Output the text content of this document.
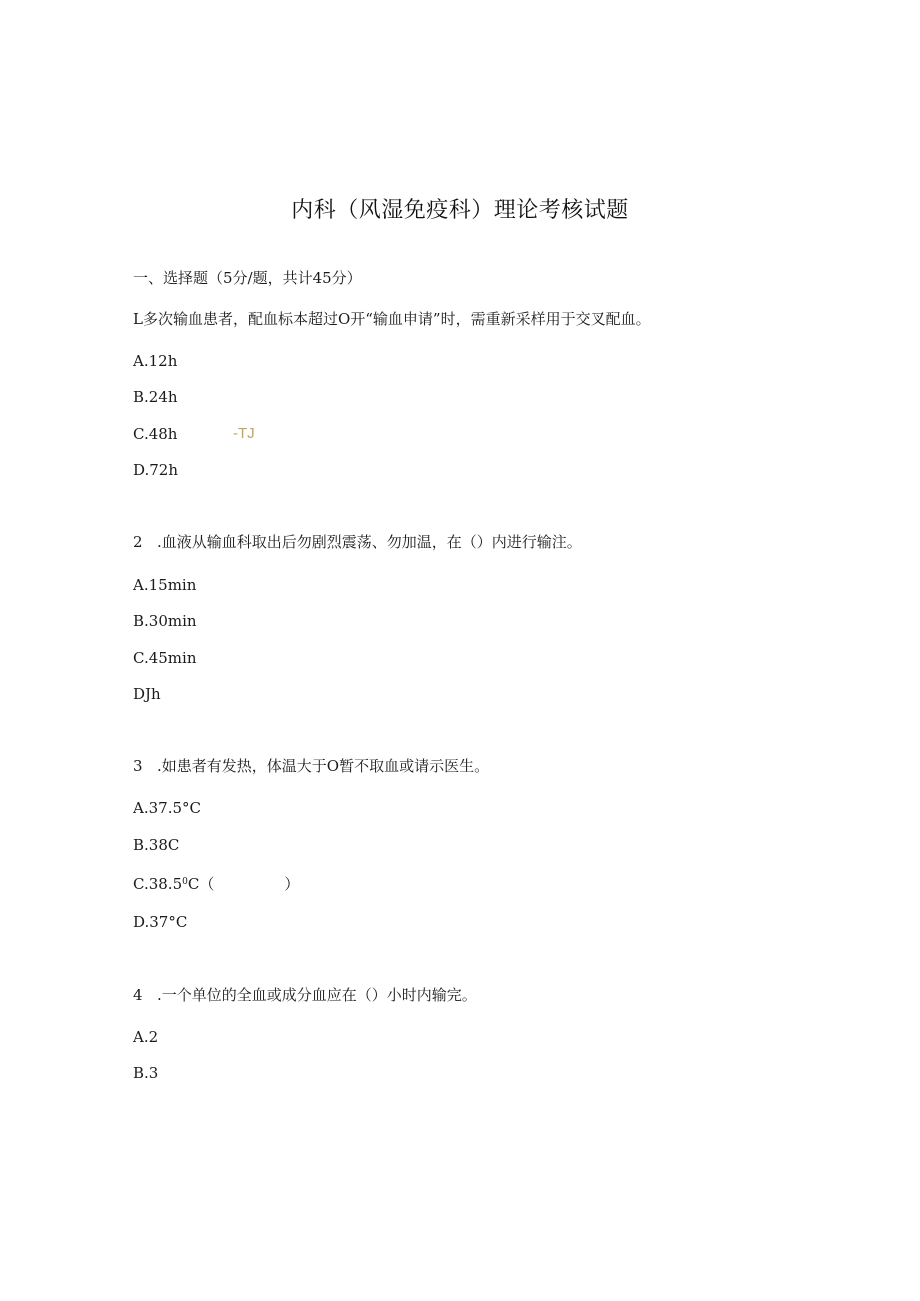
内科（风湿免疫科）理论考核试题
一、选择题（5分/题，共计45分）
L多次输血患者，配血标本超过O开“输血申请”时，需重新采样用于交叉配血。
A.12h
B.24h
C.48h	-TJ
D.72h
2 .血液从输血科取出后勿剧烈震荡、勿加温，在（）内进行输注。
A.15min
B.30min
C.45min
DJh
3 .如患者有发热，体温大于O暂不取血或请示医生。
A.37.5°C
B.38C
C.38.5$^0$C（	）
D.37°C
4 .一个单位的全血或成分血应在（）小时内输完。
A.2
B.3
